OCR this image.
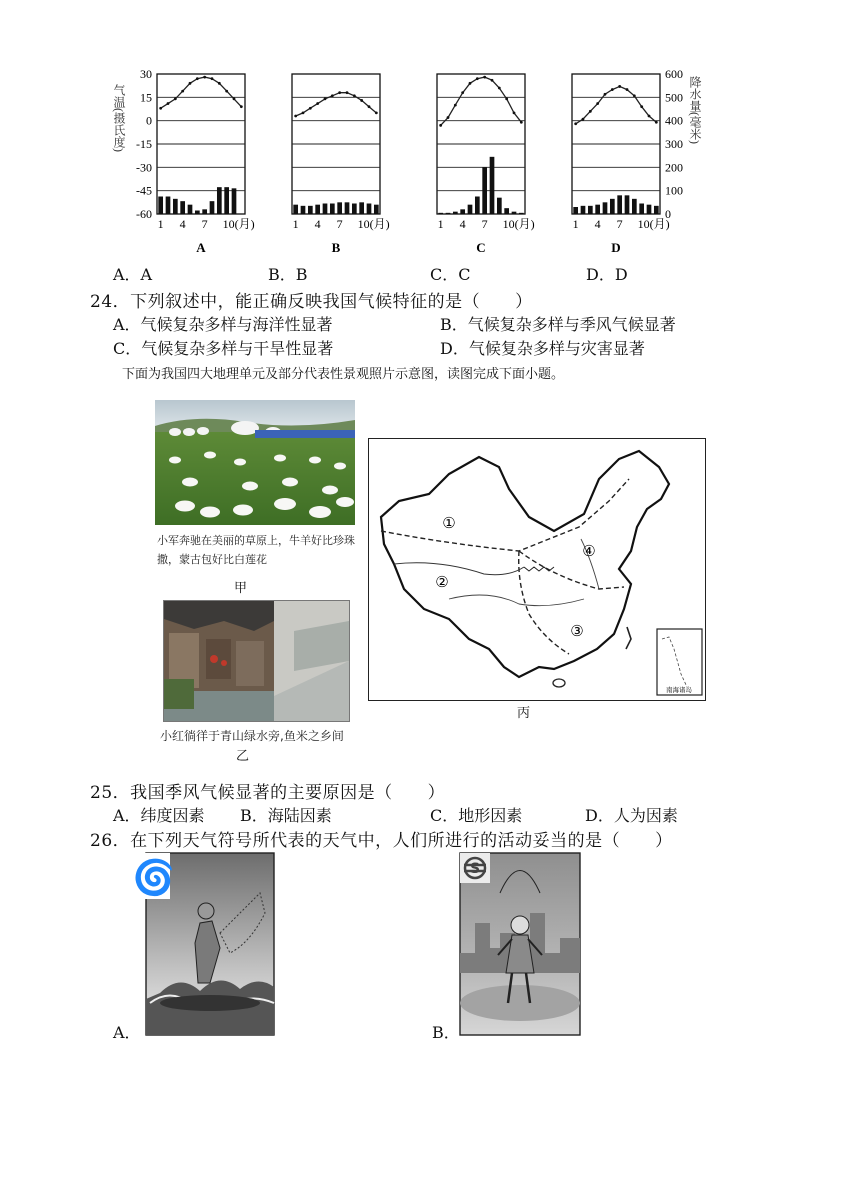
气温(摄氏度)
30
15
0
-15
-30
-45
-60
600
500
400
300
200
100
0
降水量(毫米)
1 4 7 10(月)
A
1 4 7 10(月)
B
1 4 7 10(月)
C
1 4 7 10(月)
D
A．A	B．B	C．C	D．D
24．下列叙述中，能正确反映我国气候特征的是（　　）
A．气候复杂多样与海洋性显著	B．气候复杂多样与季风气候显著
C．气候复杂多样与干旱性显著	D．气候复杂多样与灾害显著
下面为我国四大地理单元及部分代表性景观照片示意图，读图完成下面小题。
小军奔驰在美丽的草原上，牛羊好比珍珠撒，蒙古包好比白莲花
甲
小红徜徉于青山绿水旁,鱼米之乡间
乙
①
②
③
④
南海诸岛
丙
25．我国季风气候显著的主要原因是（　　）
A．纬度因素 B．海陆因素	C．地形因素	D．人为因素
26．在下列天气符号所代表的天气中，人们所进行的活动妥当的是（　　）
🌀
A．
S
B．
